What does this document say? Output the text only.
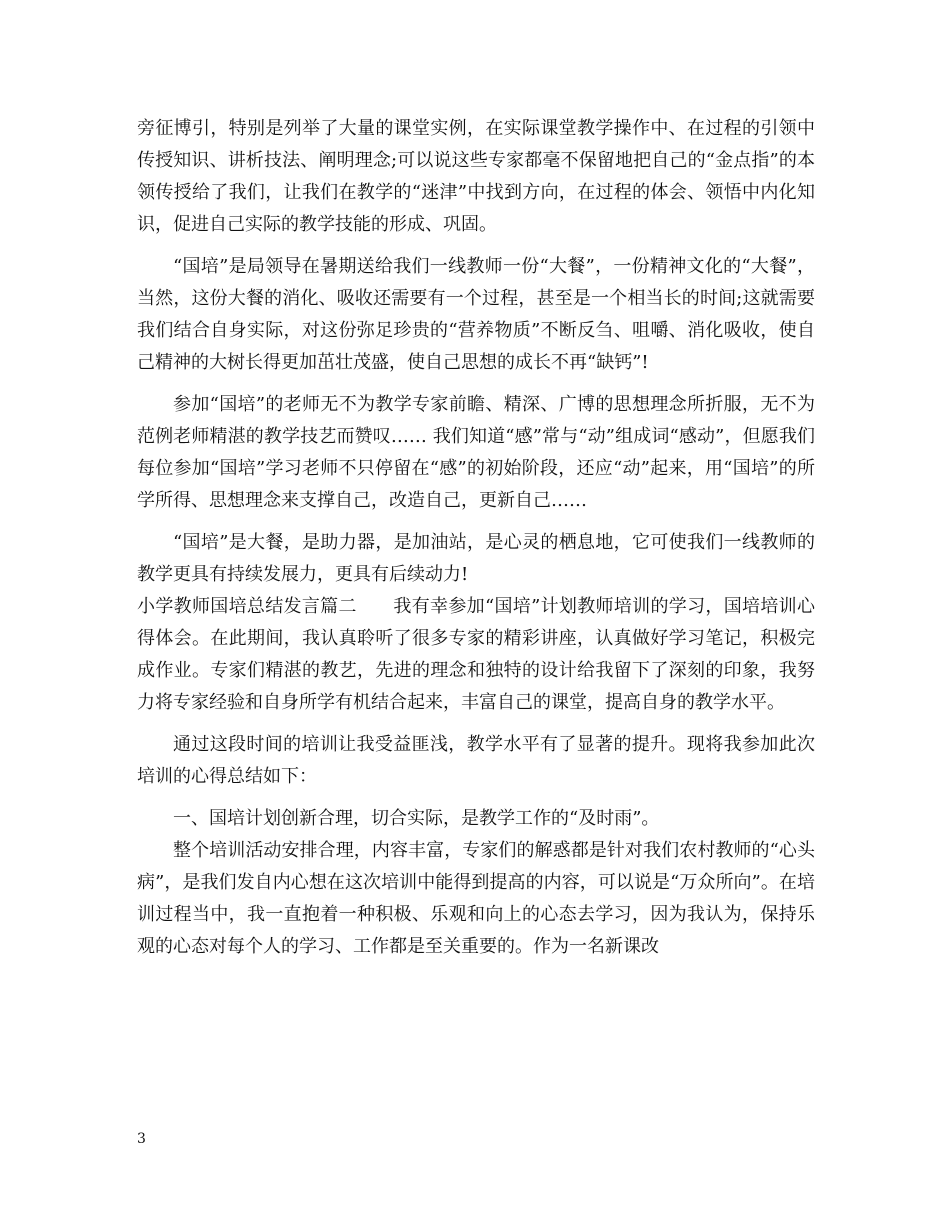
旁征博引，特别是列举了大量的课堂实例，在实际课堂教学操作中、在过程的引领中传授知识、讲析技法、阐明理念;可以说这些专家都毫不保留地把自己的“金点指”的本领传授给了我们，让我们在教学的“迷津”中找到方向，在过程的体会、领悟中内化知识，促进自己实际的教学技能的形成、巩固。

“国培”是局领导在暑期送给我们一线教师一份“大餐”，一份精神文化的“大餐”，当然，这份大餐的消化、吸收还需要有一个过程，甚至是一个相当长的时间;这就需要我们结合自身实际，对这份弥足珍贵的“营养物质”不断反刍、咀嚼、消化吸收，使自己精神的大树长得更加茁壮茂盛，使自己思想的成长不再“缺钙”!

参加“国培”的老师无不为教学专家前瞻、精深、广博的思想理念所折服，无不为范例老师精湛的教学技艺而赞叹…… 我们知道“感”常与“动”组成词“感动”，但愿我们每位参加“国培”学习老师不只停留在“感”的初始阶段，还应“动”起来，用“国培”的所学所得、思想理念来支撑自己，改造自己，更新自己……

“国培”是大餐，是助力器，是加油站，是心灵的栖息地，它可使我们一线教师的教学更具有持续发展力，更具有后续动力!

小学教师国培总结发言篇二　　我有幸参加“国培”计划教师培训的学习，国培培训心得体会。在此期间，我认真聆听了很多专家的精彩讲座，认真做好学习笔记，积极完成作业。专家们精湛的教艺，先进的理念和独特的设计给我留下了深刻的印象，我努力将专家经验和自身所学有机结合起来，丰富自己的课堂，提高自身的教学水平。

通过这段时间的培训让我受益匪浅，教学水平有了显著的提升。现将我参加此次培训的心得总结如下：

一、国培计划创新合理，切合实际，是教学工作的“及时雨”。

整个培训活动安排合理，内容丰富，专家们的解惑都是针对我们农村教师的“心头病”，是我们发自内心想在这次培训中能得到提高的内容，可以说是“万众所向”。在培训过程当中，我一直抱着一种积极、乐观和向上的心态去学习，因为我认为，保持乐观的心态对每个人的学习、工作都是至关重要的。作为一名新课改

3
